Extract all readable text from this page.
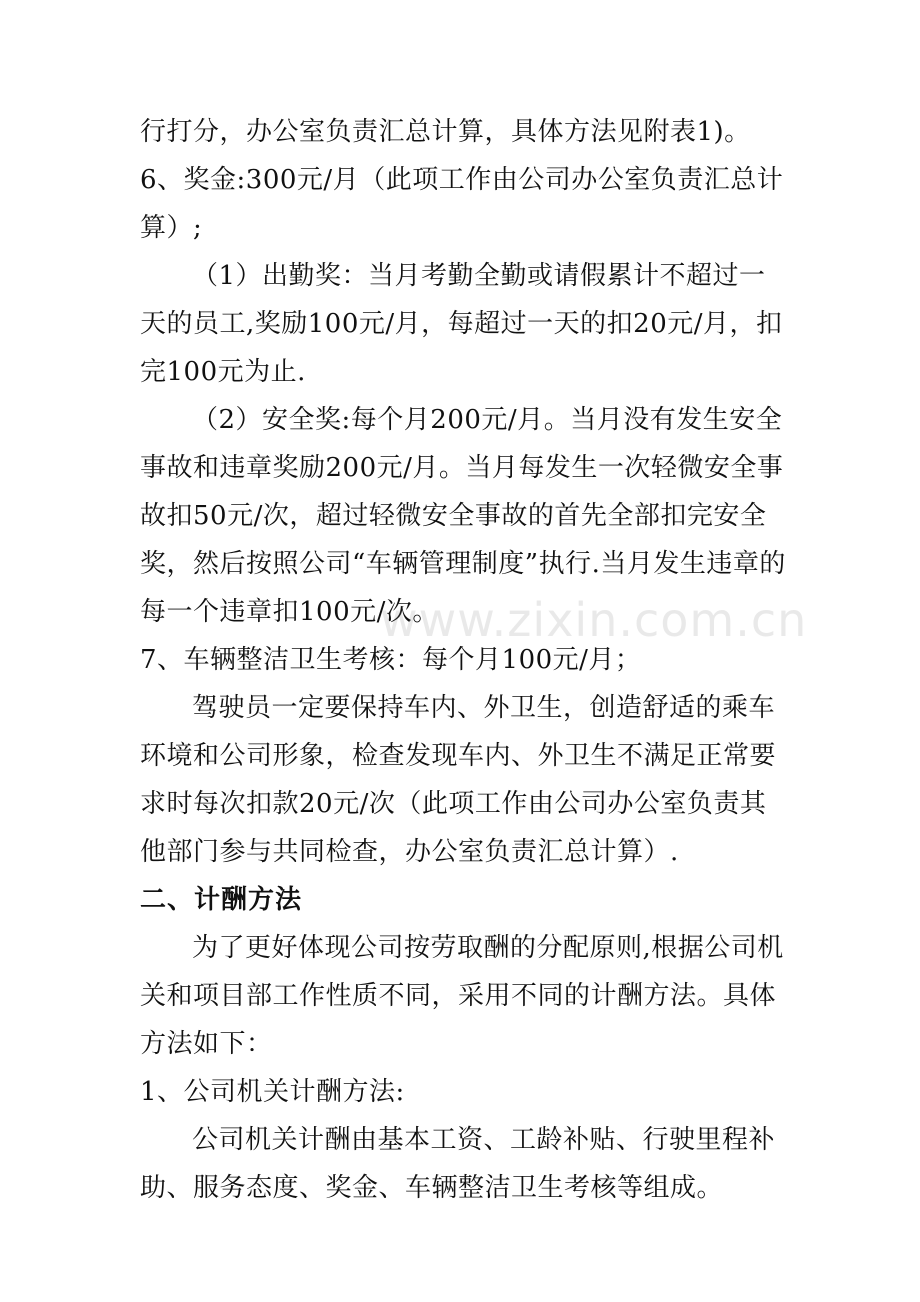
行打分，办公室负责汇总计算，具体方法见附表1)。

6、奖金:300元/月（此项工作由公司办公室负责汇总计算）;

（1）出勤奖：当月考勤全勤或请假累计不超过一天的员工,奖励100元/月，每超过一天的扣20元/月，扣完100元为止.

（2）安全奖:每个月200元/月。当月没有发生安全事故和违章奖励200元/月。当月每发生一次轻微安全事故扣50元/次，超过轻微安全事故的首先全部扣完安全奖，然后按照公司“车辆管理制度”执行.当月发生违章的每一个违章扣100元/次。

7、车辆整洁卫生考核：每个月100元/月；

驾驶员一定要保持车内、外卫生，创造舒适的乘车环境和公司形象，检查发现车内、外卫生不满足正常要求时每次扣款20元/次（此项工作由公司办公室负责其他部门参与共同检查，办公室负责汇总计算）.

二、计酬方法

为了更好体现公司按劳取酬的分配原则,根据公司机关和项目部工作性质不同，采用不同的计酬方法。具体方法如下：

1、公司机关计酬方法:

公司机关计酬由基本工资、工龄补贴、行驶里程补助、服务态度、奖金、车辆整洁卫生考核等组成。

www.zixin.com.cn
